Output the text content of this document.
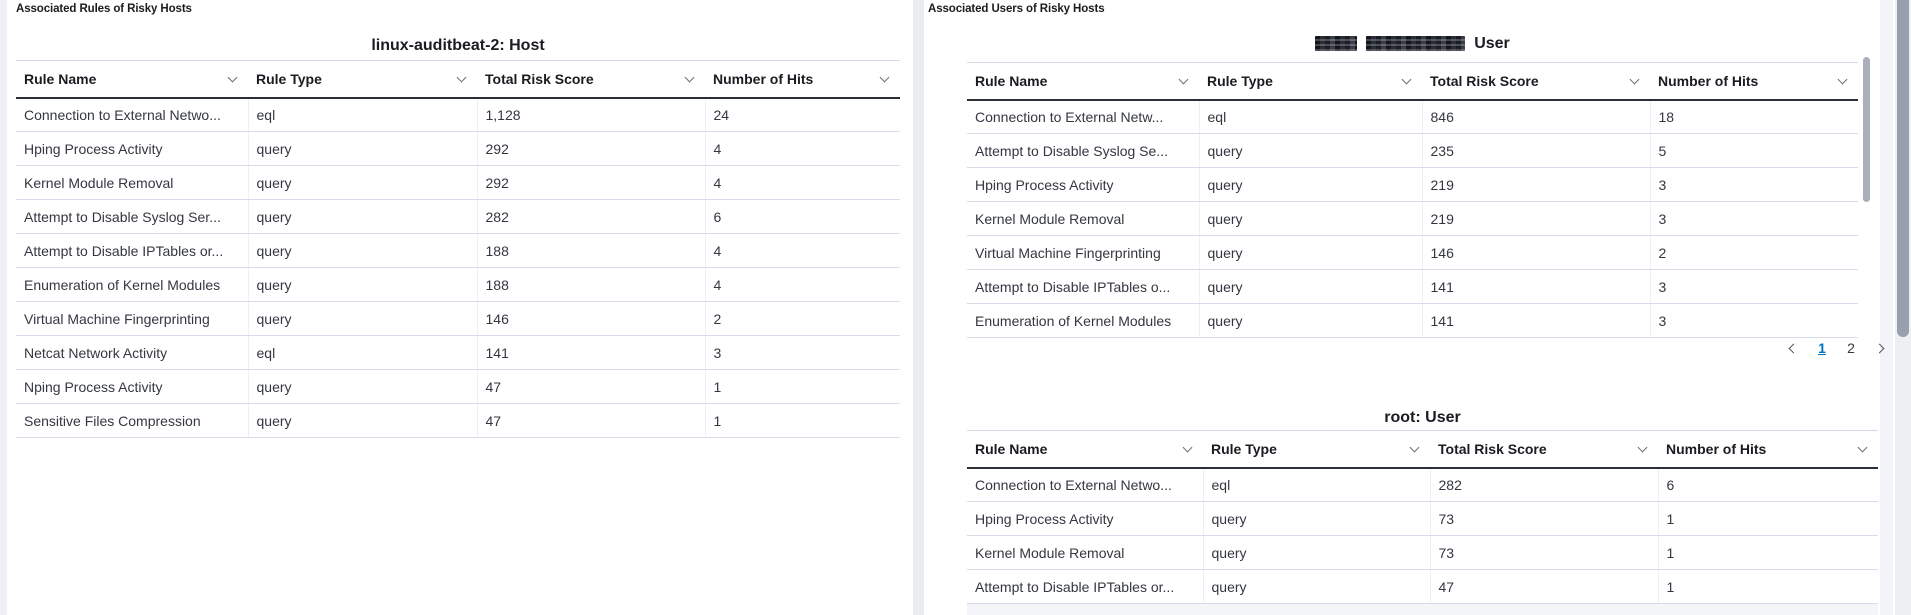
Associated Rules of Risky Hosts
linux-auditbeat-2: Host
Rule Name	Rule Type	Total Risk Score	Number of Hits

Connection to External Netwo...	eql	1,128	24
Hping Process Activity	query	292	4
Kernel Module Removal	query	292	4
Attempt to Disable Syslog Ser...	query	282	6
Attempt to Disable IPTables or...	query	188	4
Enumeration of Kernel Modules	query	188	4
Virtual Machine Fingerprinting	query	146	2
Netcat Network Activity	eql	141	3
Nping Process Activity	query	47	1
Sensitive Files Compression	query	47	1
Associated Users of Risky Hosts
User
Rule Name	Rule Type	Total Risk Score	Number of Hits

Connection to External Netw...	eql	846	18
Attempt to Disable Syslog Se...	query	235	5
Hping Process Activity	query	219	3
Kernel Module Removal	query	219	3
Virtual Machine Fingerprinting	query	146	2
Attempt to Disable IPTables o...	query	141	3
Enumeration of Kernel Modules	query	141	3
1	2
root: User
Rule Name	Rule Type	Total Risk Score	Number of Hits

Connection to External Netwo...	eql	282	6
Hping Process Activity	query	73	1
Kernel Module Removal	query	73	1
Attempt to Disable IPTables or...	query	47	1
